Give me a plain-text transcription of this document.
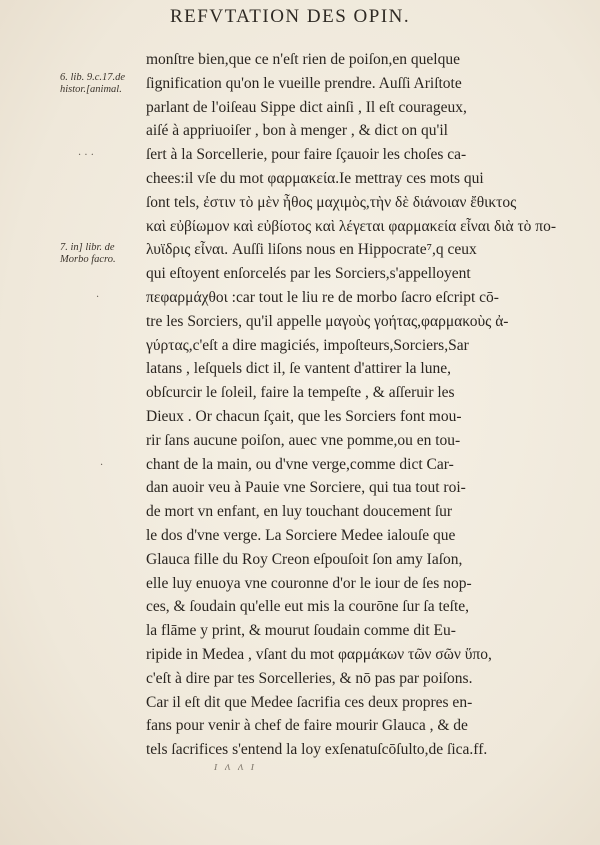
REFVTATION DES OPIN.
6. lib. 9.c.17.de
histor.[animal.
· · ·
7. in] libr. de
Morbo facro.
·
·
monſtre bien,que ce n'eſt rien de poiſon,en quelque
ſignification qu'on le vueille prendre. Auſſi Ariſtote
parlant de l'oiſeau Sippe dict ainſi , Il eſt courageux,
aiſé à appriuoiſer , bon à menger , & dict on qu'il
ſert à la Sorcellerie, pour faire ſçauoir les choſes ca-
chees:il vſe du mot φαρμακεία.Ie mettray ces mots qui
ſont tels, ἐστιν τὸ μὲν ἦθος μαχιμὸς,τὴν δὲ διάνοιαν ἔθικτος
καὶ εὐβίωμον καὶ εὐβίοτος καὶ λέγεται φαρμακεία εἶναι διὰ τὸ πο-
λυϊδρις εἶναι. Auſſi liſons nous en Hippocrate⁷,q ceux
qui eſtoyent enſorcelés par les Sorciers,s'appelloyent
πεφαρμάχθοι :car tout le liu re de morbo ſacro eſcript cō-
tre les Sorciers, qu'il appelle μαγοὺς γοήτας,φαρμακοὺς ἀ-
γύρτας,c'eſt a dire magiciés, impoſteurs,Sorciers,Sar
latans , leſquels dict il, ſe vantent d'attirer la lune,
obſcurcir le ſoleil, faire la tempeſte , & aſſeruir les
Dieux . Or chacun ſçait, que les Sorciers font mou-
rir ſans aucune poiſon, auec vne pomme,ou en tou-
chant de la main, ou d'vne verge,comme dict Car-
dan auoir veu à Pauie vne Sorciere, qui tua tout roi-
de mort vn enfant, en luy touchant doucement ſur
le dos d'vne verge. La Sorciere Medee ialouſe que
Glauca fille du Roy Creon eſpouſoit ſon amy Iaſon,
elle luy enuoya vne couronne d'or le iour de ſes nop-
ces, & ſoudain qu'elle eut mis la courōne ſur ſa teſte,
la flāme y print, & mourut ſoudain comme dit Eu-
ripide in Medea , vſant du mot φαρμάκων τῶν σῶν ὕπο,
c'eſt à dire par tes Sorcelleries, & nō pas par poiſons.
Car il eſt dit que Medee ſacrifia ces deux propres en-
fans pour venir à chef de faire mourir Glauca , & de
tels ſacrifices s'entend la loy exſenatuſcōſulto,de ſica.ff.
ɪ ʌ ʌ ɪ
